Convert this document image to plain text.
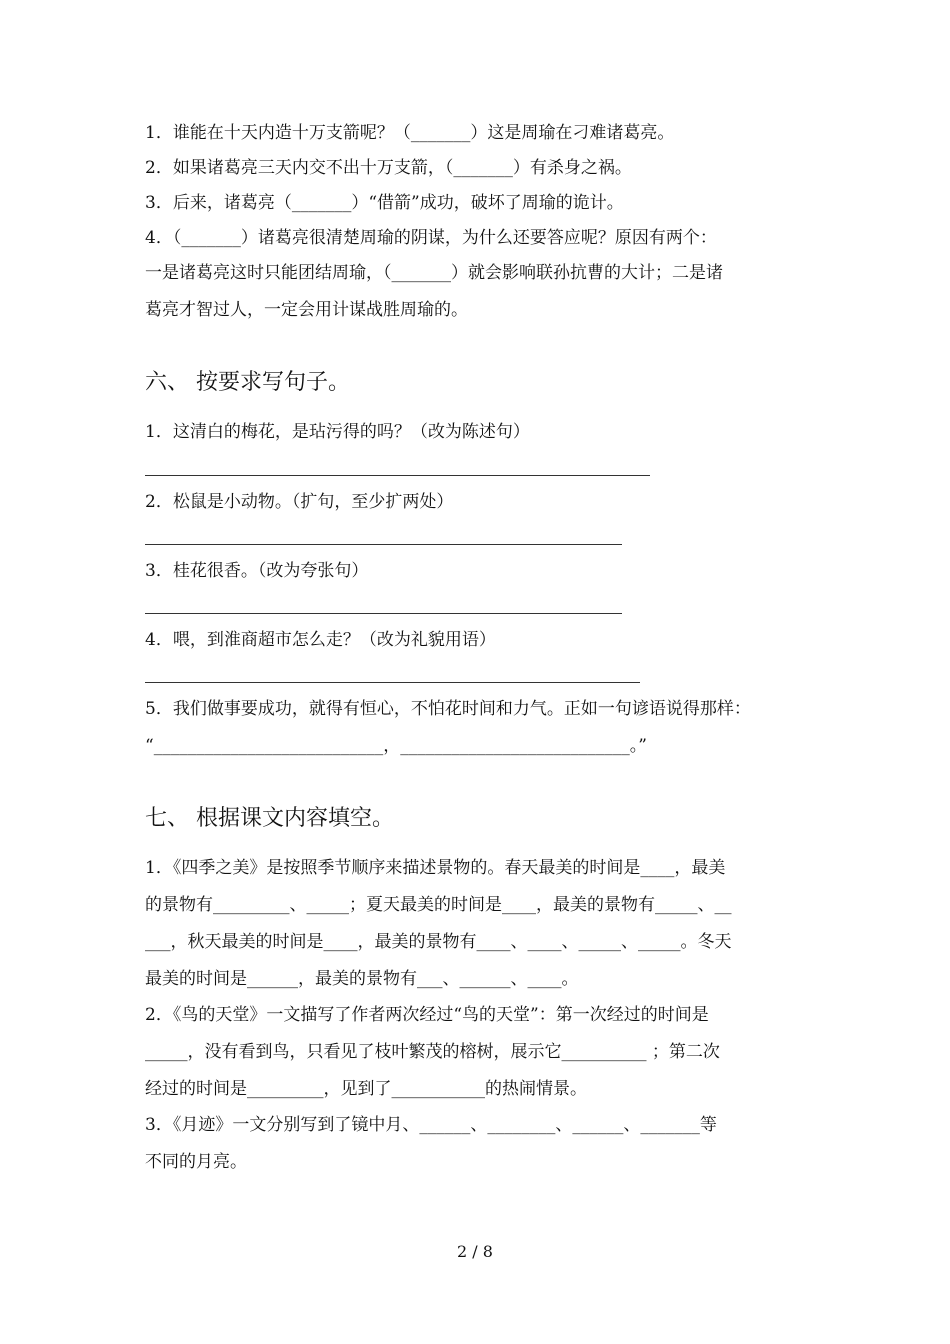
1．谁能在十天内造十万支箭呢？（_______）这是周瑜在刁难诸葛亮。
2．如果诸葛亮三天内交不出十万支箭，（_______）有杀身之祸。
3．后来，诸葛亮（_______）“借箭”成功，破坏了周瑜的诡计。
4．（_______）诸葛亮很清楚周瑜的阴谋，为什么还要答应呢？原因有两个：
一是诸葛亮这时只能团结周瑜，（_______）就会影响联孙抗曹的大计；二是诸
葛亮才智过人，一定会用计谋战胜周瑜的。
六、 按要求写句子。
1．这清白的梅花，是玷污得的吗？（改为陈述句）
2．松鼠是小动物。（扩句，至少扩两处）
3．桂花很香。（改为夸张句）
4．喂，到淮商超市怎么走？（改为礼貌用语）
5．我们做事要成功，就得有恒心，不怕花时间和力气。正如一句谚语说得那样：
“___________________________，___________________________。”
七、 根据课文内容填空。
1．《四季之美》是按照季节顺序来描述景物的。春天最美的时间是____，最美
的景物有_________、_____；夏天最美的时间是____，最美的景物有_____、__
___，秋天最美的时间是____，最美的景物有____、____、_____、_____。冬天
最美的时间是______，最美的景物有___、______、____。
2．《鸟的天堂》一文描写了作者两次经过“鸟的天堂”：第一次经过的时间是
_____，没有看到鸟，只看见了枝叶繁茂的榕树，展示它__________ ；第二次
经过的时间是_________，见到了___________的热闹情景。
3．《月迹》一文分别写到了镜中月、______、________、______、_______等
不同的月亮。
2 / 8
